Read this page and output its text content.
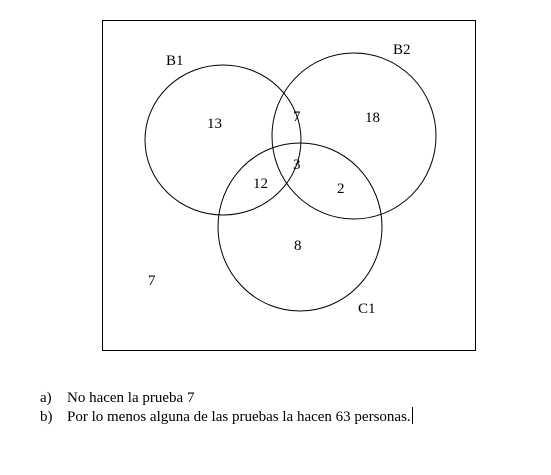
B1
B2
C1
13	7	18
3
12	2
8
7
a) No hacen la prueba 7
b) Por lo menos alguna de las pruebas la hacen 63 personas.
